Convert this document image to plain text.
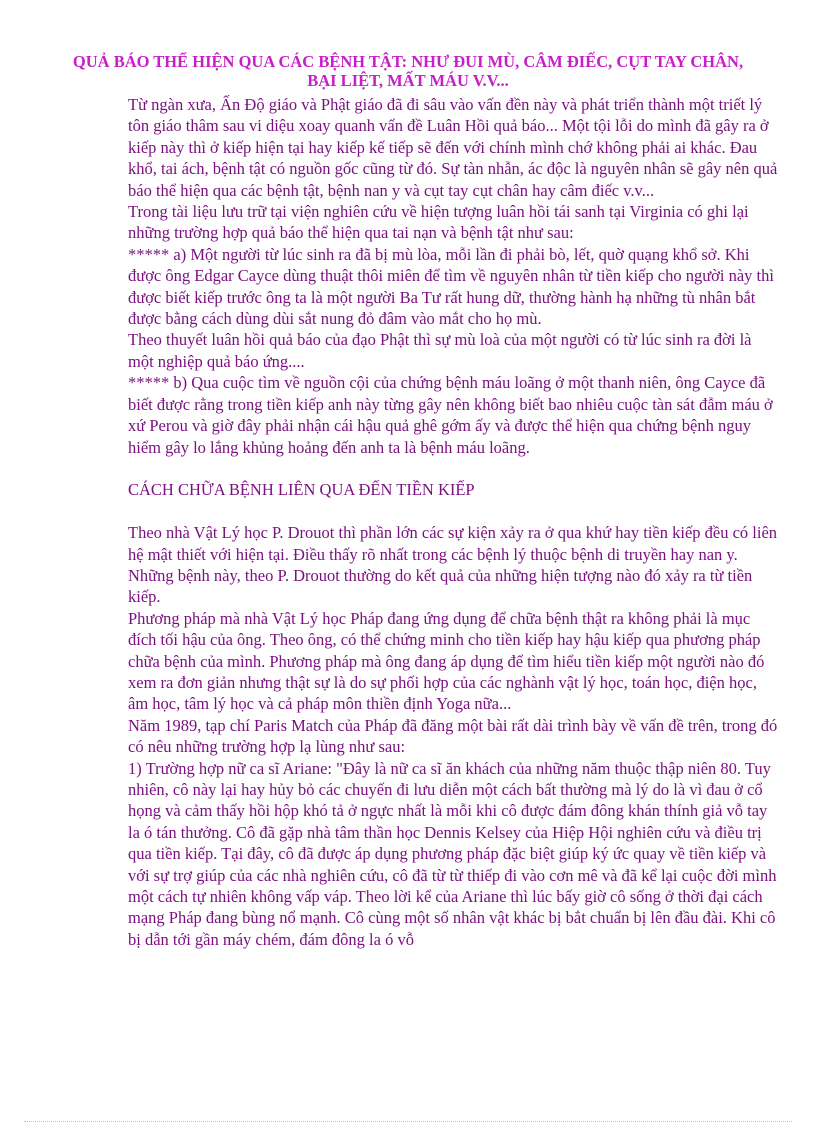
QUẢ BÁO THỂ HIỆN QUA CÁC BỆNH TẬT: NHƯ ĐUI MÙ, CÂM ĐIẾC, CỤT TAY CHÂN, BẠI LIỆT, MẤT MÁU V.V...

Từ ngàn xưa, Ấn Độ giáo và Phật giáo đã đi sâu vào vấn đền này và phát triển thành một triết lý tôn giáo thâm sau vi diệu xoay quanh vấn đề Luân Hồi quả báo... Một tội lỗi do mình đã gây ra ở kiếp này thì ở kiếp hiện tại hay kiếp kế tiếp sẽ đến với chính mình chớ không phải ai khác. Đau khổ, tai ách, bệnh tật có nguồn gốc cũng từ đó. Sự tàn nhẫn, ác độc là nguyên nhân sẽ gây nên quả báo thể hiện qua các bệnh tật, bệnh nan y và cụt tay cụt chân hay câm điếc v.v...

Trong tài liệu lưu trữ tại viện nghiên cứu về hiện tượng luân hồi tái sanh tại Virginia có ghi lại những trường hợp quả báo thể hiện qua tai nạn và bệnh tật như sau:

***** a) Một người từ lúc sinh ra đã bị mù lòa, mỗi lần đi phải bò, lết, quờ quạng khổ sở. Khi được ông Edgar Cayce dùng thuật thôi miên để tìm về nguyên nhân từ tiền kiếp cho người này thì được biết kiếp trước ông ta là một người Ba Tư rất hung dữ, thường hành hạ những tù nhân bắt được bằng cách dùng dùi sắt nung đỏ đâm vào mắt cho họ mù.

Theo thuyết luân hồi quả báo của đạo Phật thì sự mù loà của một người có từ lúc sinh ra đời là một nghiệp quả báo ứng....

***** b) Qua cuộc tìm về nguồn cội của chứng bệnh máu loãng ở một thanh niên, ông Cayce đã biết được rằng trong tiền kiếp anh này từng gây nên không biết bao nhiêu cuộc tàn sát đẫm máu ở xứ Perou và giờ đây phải nhận cái hậu quả ghê gớm ấy và được thể hiện qua chứng bệnh nguy hiểm gây lo lắng khủng hoảng đến anh ta là bệnh máu loãng.

CÁCH CHỮA BỆNH LIÊN QUA ĐẾN TIỀN KIẾP

Theo nhà Vật Lý học P. Drouot thì phần lớn các sự kiện xảy ra ở qua khứ hay tiền kiếp đều có liên hệ mật thiết với hiện tại. Điều thấy rõ nhất trong các bệnh lý thuộc bệnh di truyền hay nan y. Những bệnh này, theo P. Drouot thường do kết quả của những hiện tượng nào đó xảy ra từ tiền kiếp.

Phương pháp mà nhà Vật Lý học Pháp đang ứng dụng để chữa bệnh thật ra không phải là mục đích tối hậu của ông. Theo ông, có thể chứng minh cho tiền kiếp hay hậu kiếp qua phương pháp chữa bệnh của mình. Phương pháp mà ông đang áp dụng để tìm hiểu tiền kiếp một người nào đó xem ra đơn giản nhưng thật sự là do sự phối hợp của các nghành vật lý học, toán học, điện học, âm học, tâm lý học và cả pháp môn thiền định Yoga nữa...

Năm 1989, tạp chí Paris Match của Pháp đã đăng một bài rất dài trình bày về vấn đề trên, trong đó có nêu những trường hợp lạ lùng như sau:

1) Trường hợp nữ ca sĩ Ariane: "Đây là nữ ca sĩ ăn khách của những năm thuộc thập niên 80. Tuy nhiên, cô này lại hay hủy bỏ các chuyến đi lưu diễn một cách bất thường mà lý do là vì đau ở cổ họng và cảm thấy hồi hộp khó tả ở ngực nhất là mỗi khi cô được đám đông khán thính giả vỗ tay la ó tán thưởng. Cô đã gặp nhà tâm thần học Dennis Kelsey của Hiệp Hội nghiên cứu và điều trị qua tiền kiếp. Tại đây, cô đã được áp dụng phương pháp đặc biệt giúp ký ức quay về tiền kiếp và với sự trợ giúp của các nhà nghiên cứu, cô đã từ từ thiếp đi vào cơn mê và đã kể lại cuộc đời mình một cách tự nhiên không vấp váp. Theo lời kể của Ariane thì lúc bấy giờ cô sống ở thời đại cách mạng Pháp đang bùng nổ mạnh. Cô cùng một số nhân vật khác bị bắt chuẩn bị lên đầu đài. Khi cô bị dẫn tới gần máy chém, đám đông la ó vỗ
